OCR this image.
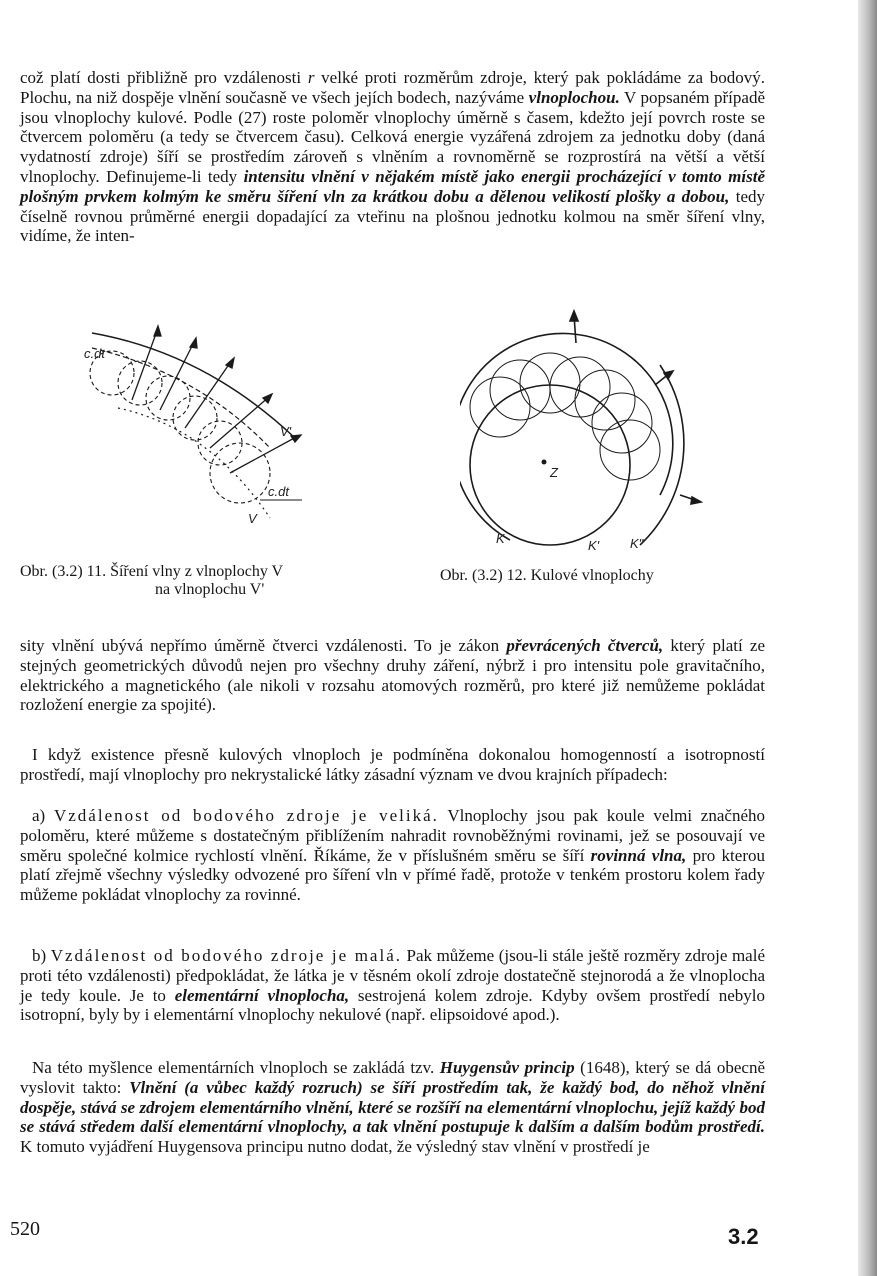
což platí dosti přibližně pro vzdálenosti r velké proti rozměrům zdroje, který pak pokládáme za bodový. Plochu, na niž dospěje vlnění současně ve všech jejích bodech, nazýváme vlnoplochou. V popsaném případě jsou vlnoplochy kulové. Podle (27) roste poloměr vlnoplochy úměrně s časem, kdežto její povrch roste se čtvercem poloměru (a tedy se čtvercem času). Celková energie vyzářená zdrojem za jednotku doby (daná vydatností zdroje) šíří se prostředím zároveň s vlněním a rovnoměrně se rozprostírá na větší a větší vlnoplochy. Definujeme-li tedy intensitu vlnění v nějakém místě jako energii procházející v tomto místě plošným prvkem kolmým ke směru šíření vln za krátkou dobu a dělenou velikostí plošky a dobou, tedy číselně rovnou průměrné energii dopadající za vteřinu na plošnou jednotku kolmou na směr šíření vlny, vidíme, že inten-

c.dt
c.dt
V'
V

Obr. (3.2) 11. Šíření vlny z vlnoplochy V
na vlnoplochu V'

Z
K	K' K"

Obr. (3.2) 12. Kulové vlnoplochy

sity vlnění ubývá nepřímo úměrně čtverci vzdálenosti. To je zákon převrácených čtverců, který platí ze stejných geometrických důvodů nejen pro všechny druhy záření, nýbrž i pro intensitu pole gravitačního, elektrického a magnetického (ale nikoli v rozsahu atomových rozměrů, pro které již nemůžeme pokládat rozložení energie za spojité).

I když existence přesně kulových vlnoploch je podmíněna dokonalou homogenností a isotropností prostředí, mají vlnoplochy pro nekrystalické látky zásadní význam ve dvou krajních případech:

a) Vzdálenost od bodového zdroje je veliká. Vlnoplochy jsou pak koule velmi značného poloměru, které můžeme s dostatečným přiblížením nahradit rovnoběžnými rovinami, jež se posouvají ve směru společné kolmice rychlostí vlnění. Říkáme, že v příslušném směru se šíří rovinná vlna, pro kterou platí zřejmě všechny výsledky odvozené pro šíření vln v přímé řadě, protože v tenkém prostoru kolem řady můžeme pokládat vlnoplochy za rovinné.

b) Vzdálenost od bodového zdroje je malá. Pak můžeme (jsou-li stále ještě rozměry zdroje malé proti této vzdálenosti) předpokládat, že látka je v těsném okolí zdroje dostatečně stejnorodá a že vlnoplocha je tedy koule. Je to elementární vlnoplocha, sestrojená kolem zdroje. Kdyby ovšem prostředí nebylo isotropní, byly by i elementární vlnoplochy nekulové (např. elipsoidové apod.).

Na této myšlence elementárních vlnoploch se zakládá tzv. Huygensův princip (1648), který se dá obecně vyslovit takto: Vlnění (a vůbec každý rozruch) se šíří prostředím tak, že každý bod, do něhož vlnění dospěje, stává se zdrojem elementárního vlnění, které se rozšíří na elementární vlnoplochu, jejíž každý bod se stává středem další elementární vlnoplochy, a tak vlnění postupuje k dalším a dalším bodům prostředí. K tomuto vyjádření Huygensova principu nutno dodat, že výsledný stav vlnění v prostředí je

520	3.2
